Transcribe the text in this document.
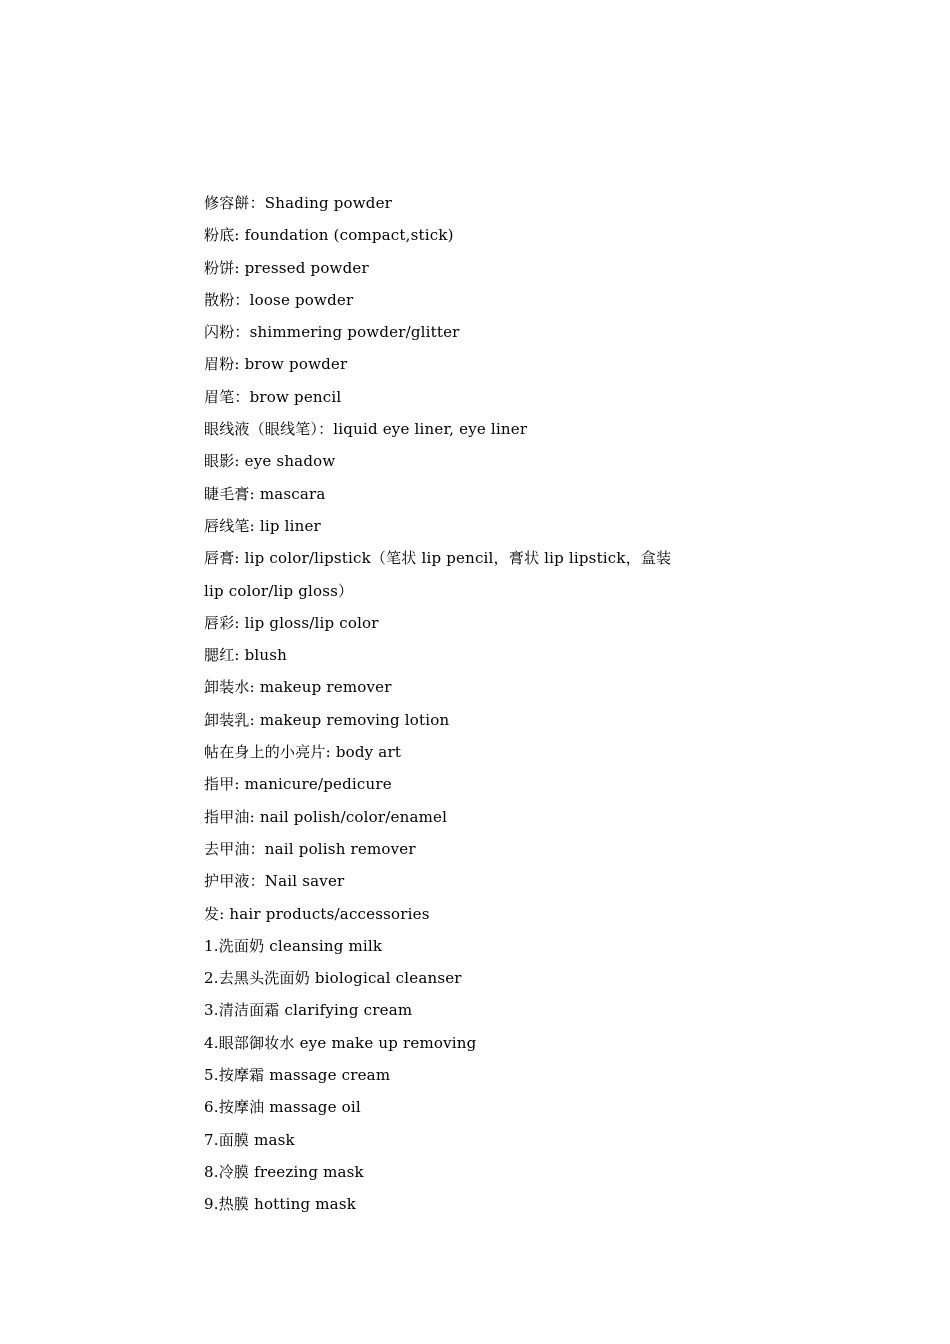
修容餅：Shading powder
粉底: foundation (compact,stick)
粉饼: pressed powder
散粉：loose powder
闪粉：shimmering powder/glitter
眉粉: brow powder
眉笔：brow pencil
眼线液（眼线笔）：liquid eye liner, eye liner
眼影: eye shadow
睫毛膏: mascara
唇线笔: lip liner
唇膏: lip color/lipstick（笔状 lip pencil，膏状 lip lipstick，盒装
lip color/lip gloss）
唇彩: lip gloss/lip color
腮红: blush
卸装水: makeup remover
卸装乳: makeup removing lotion
帖在身上的小亮片: body art
指甲: manicure/pedicure
指甲油: nail polish/color/enamel
去甲油：nail polish remover
护甲液：Nail saver
发: hair products/accessories
1.洗面奶 cleansing milk
2.去黑头洗面奶 biological cleanser
3.清洁面霜 clarifying cream
4.眼部御妆水 eye make up removing
5.按摩霜 massage cream
6.按摩油 massage oil
7.面膜 mask
8.冷膜 freezing mask
9.热膜 hotting mask
